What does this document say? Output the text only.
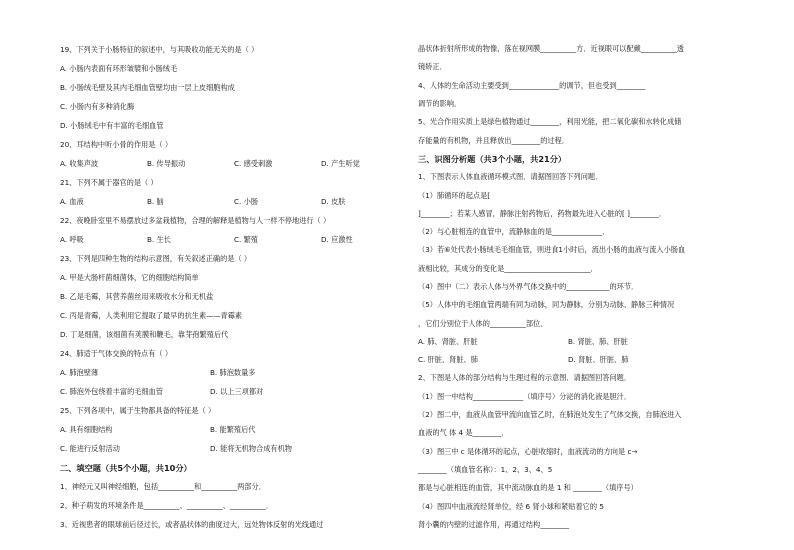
19、下列关于小肠特征的叙述中，与其吸收功能无关的是（ ）
A. 小肠内表面有环形皱襞和小肠绒毛
B. 小肠绒毛壁及其内毛细血管壁均由一层上皮细胞构成
C. 小肠内有多种消化酶
D. 小肠绒毛中有丰富的毛细血管
20、耳结构中听小骨的作用是（ ）
A. 收集声波	B. 传导振动	C. 感受刺激	D. 产生听觉
21、下列不属于器官的是（ ）
A. 血液	B. 脑	C. 小肠	D. 皮肤
22、夜晚卧室里不易摆放过多盆栽植物，合理的解释是植物与人一样不停地进行（ ）
A. 呼吸	B. 生长	C. 繁殖	D. 应激性
23、下列是四种生物的结构示意图，有关叙述正确的是（ ）
A. 甲是大肠杆菌细菌体，它的细胞结构简单
B. 乙是毛霉，其营养菌丝用来吸收水分和无机盐
C. 丙是青霉，人类利用它提取了最早的抗生素——青霉素
D. 丁是细菌，该细菌有荚膜和鞭毛，靠芽孢繁殖后代
24、肺适于气体交换的特点有（ ）
A. 肺泡壁薄	B. 肺泡数量多
C. 肺泡外包绕着丰富的毛细血管	D. 以上三项都对
25、下列各项中，属于生物都具备的特征是（ ）
A. 具有细胞结构	B. 能繁殖后代
C. 能进行反射活动	D. 能将无机物合成有机物
二、填空题（共5个小题，共10分）
1、神经元又叫神经细胞，包括__________和__________两部分．
2、种子萌发的环境条件是__________、__________、__________．
3、近视患者的眼球前后径过长，或者晶状体的曲度过大，远处物体反射的光线通过
晶状体折射所形成的物像，落在视网膜__________方．近视眼可以配戴__________透
镜矫正．
4、人体的生命活动主要受到______________的调节，但也受到________
调节的影响．
5、光合作用实质上是绿色植物通过________，利用光能，把二氧化碳和水转化成储
存能量的有机物，并且释放出________的过程．
三、识图分析题（共3个小题，共21分）
1、下图表示人体血液循环模式图．请据图回答下列问题．
（1）肺循环的起点是[
]________；若某人感冒，静脉注射药物后，药物最先进入心脏的[ ]________．
（2）与心脏相连的血管中，流静脉血的是______________．
（3）若⑥处代表小肠绒毛毛细血管，则进食1小时后，流出小肠的血液与流入小肠血
液相比较，其成分的变化是________________________．
（4）图中（二）表示人体与外界气体交换中的____________的环节．
（5）人体中的毛细血管两端有同为动脉，同为静脉，分别为动脉、静脉三种情况
，它们分别位于人体的__________部位．
A. 肺、肾脏、肝脏	B. 肾脏、肺、肝脏
C. 肝脏、肾脏、肺	D. 肾脏、肝脏、肺
2、下图是人体的部分结构与生理过程的示意图．请据图回答问题．
（1）图一中结构______________（填序号）分泌的消化液是胆汁．
（2）图二中，血液从血管甲流向血管乙时，在肺泡处发生了气体交换，自肺泡进入
血液的气 体 4 是________．
（3）图三中 c 是体循环的起点，心脏收缩时，血液流动的方向是 c→
________（填血管名称）：1、2、3、4、5
都是与心脏相连的血管，其中流动脉血的是 1 和 ________（填序号）
（4）图四中血液流经肾单位，经 6 肾小球和紧贴着它的 5
肾小囊的内壁的过滤作用，再通过结构________
